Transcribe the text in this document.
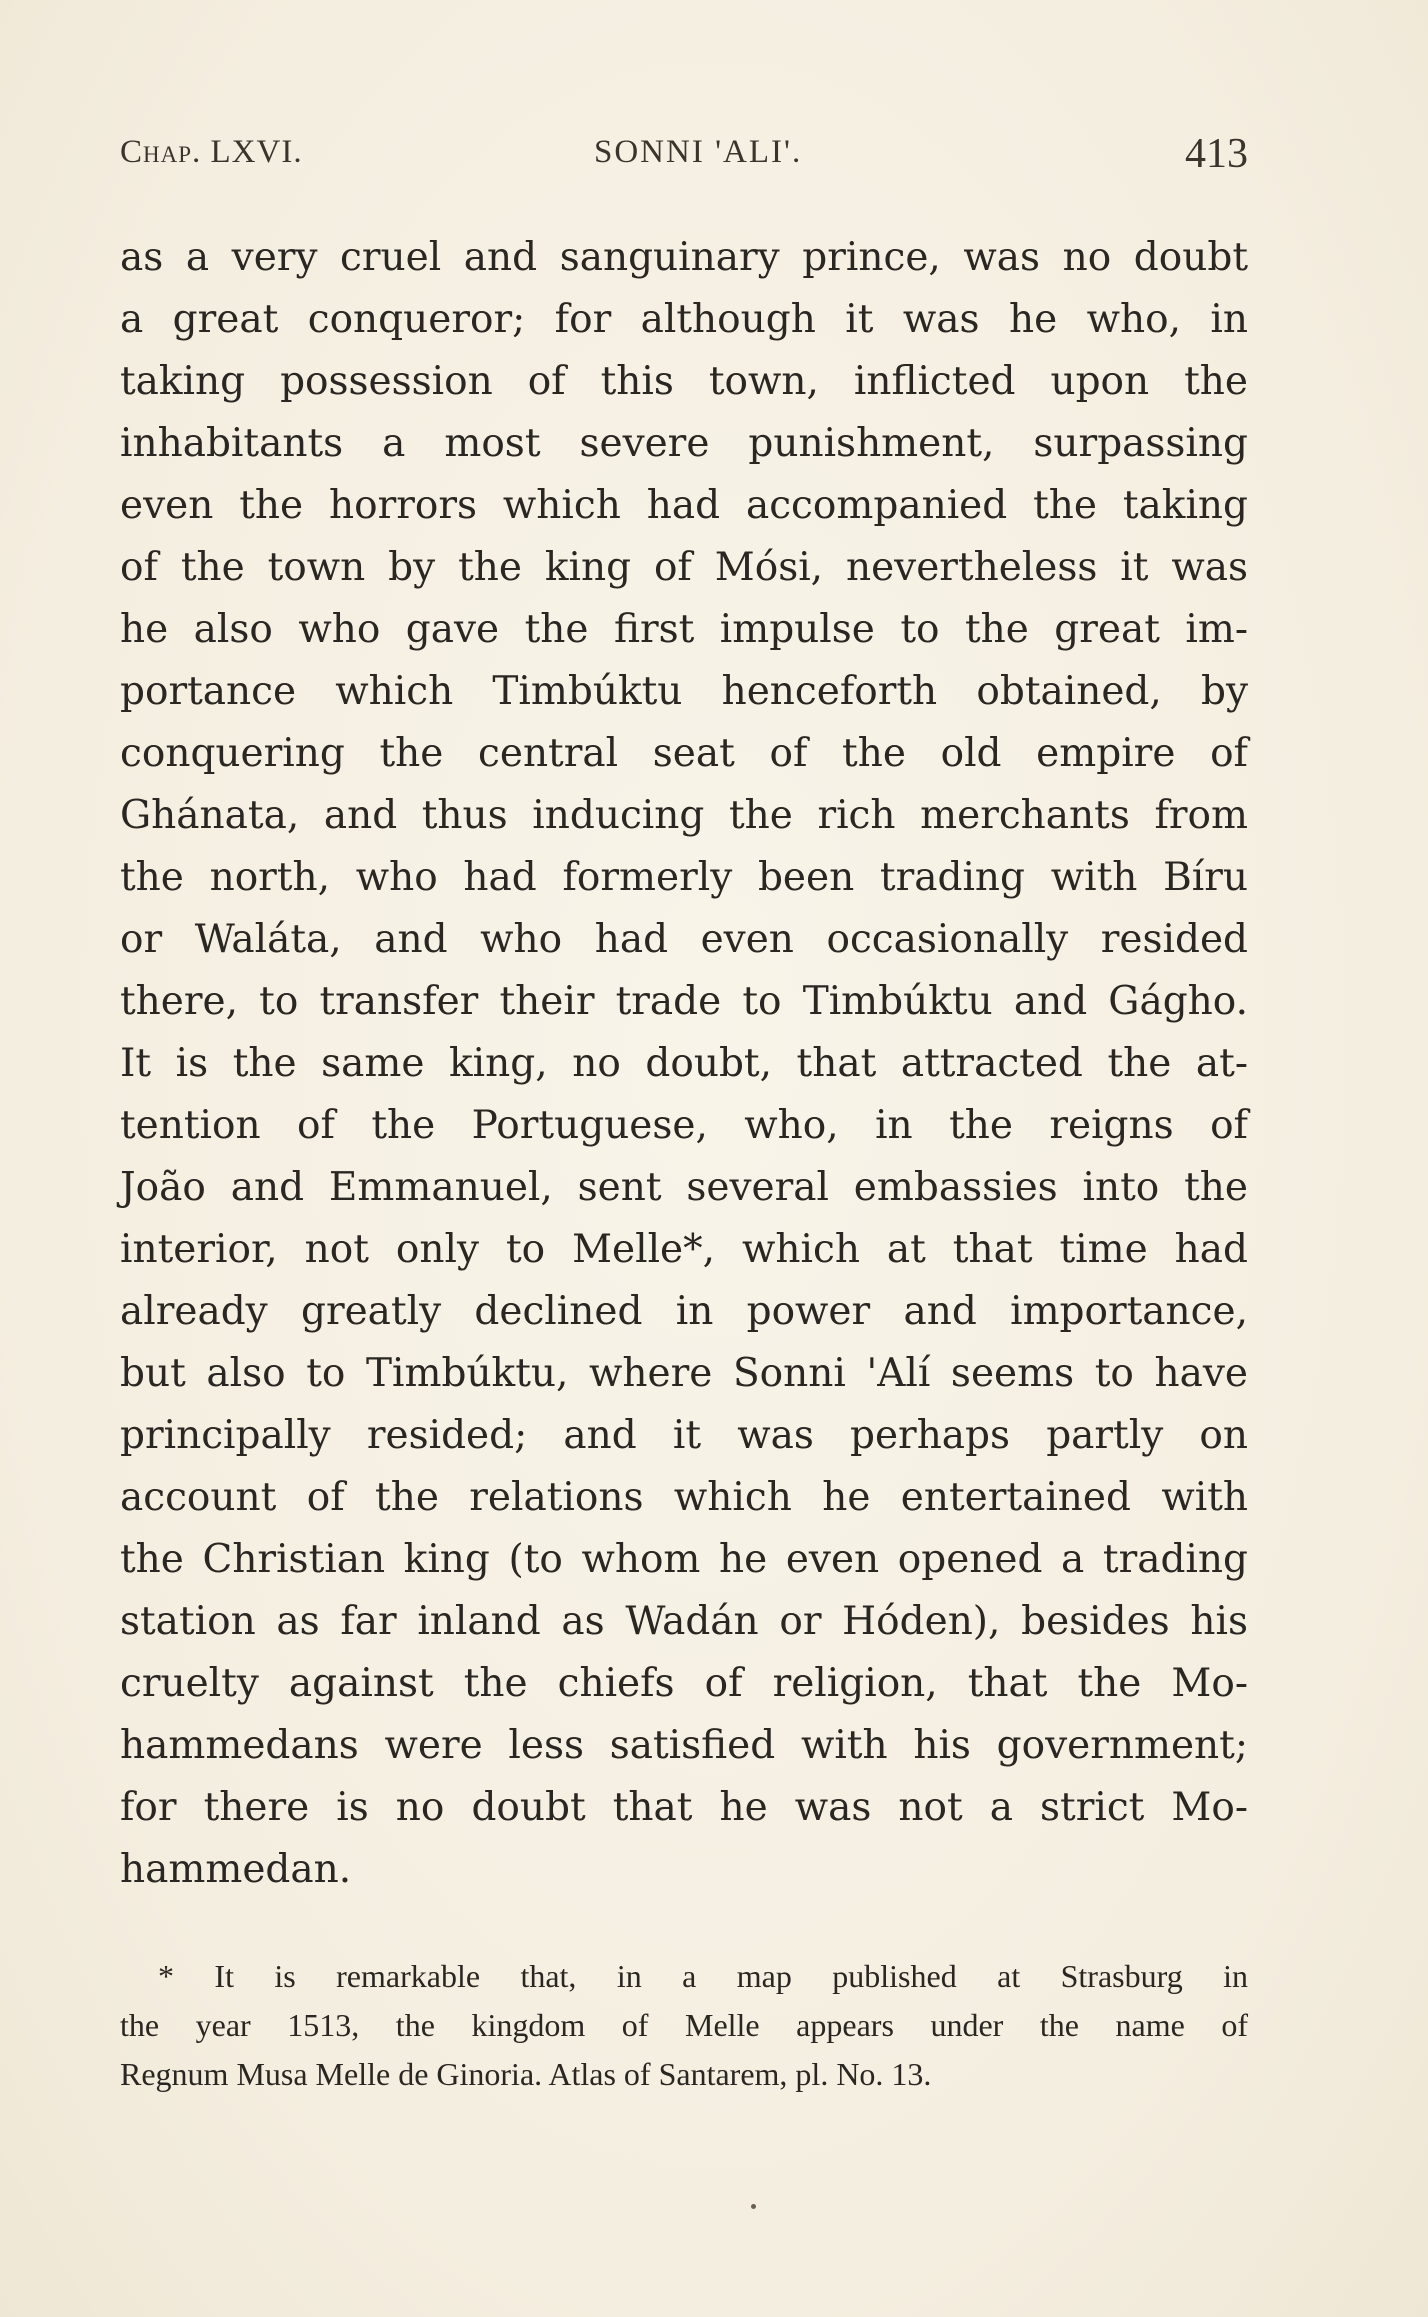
Chap. LXVI.	SONNI 'ALI'.	413
as a very cruel and sanguinary prince, was no doubt
a great conqueror; for although it was he who, in
taking possession of this town, inflicted upon the
inhabitants a most severe punishment, surpassing
even the horrors which had accompanied the taking
of the town by the king of Mósi, nevertheless it was
he also who gave the first impulse to the great im-
portance which Timbúktu henceforth obtained, by
conquering the central seat of the old empire of
Ghánata, and thus inducing the rich merchants from
the north, who had formerly been trading with Bíru
or Waláta, and who had even occasionally resided
there, to transfer their trade to Timbúktu and Gágho.
It is the same king, no doubt, that attracted the at-
tention of the Portuguese, who, in the reigns of
João and Emmanuel, sent several embassies into the
interior, not only to Melle*, which at that time had
already greatly declined in power and importance,
but also to Timbúktu, where Sonni 'Alí seems to have
principally resided; and it was perhaps partly on
account of the relations which he entertained with
the Christian king (to whom he even opened a trading
station as far inland as Wadán or Hóden), besides his
cruelty against the chiefs of religion, that the Mo-
hammedans were less satisfied with his government;
for there is no doubt that he was not a strict Mo-
hammedan.
* It is remarkable that, in a map published at Strasburg in
the year 1513, the kingdom of Melle appears under the name of
Regnum Musa Melle de Ginoria. Atlas of Santarem, pl. No. 13.
